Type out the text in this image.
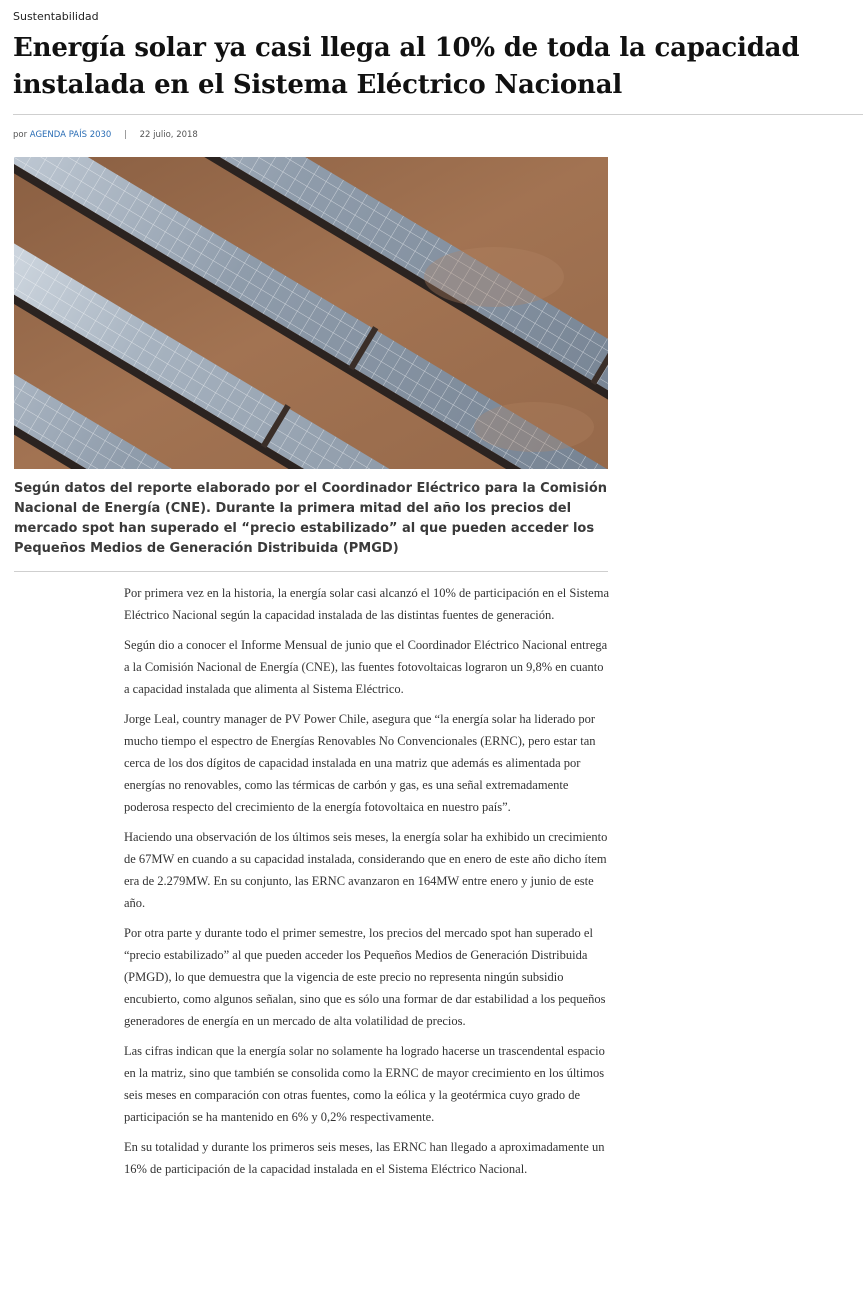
Sustentabilidad
Energía solar ya casi llega al 10% de toda la capacidad instalada en el Sistema Eléctrico Nacional
por AGENDA PAÍS 2030 | 22 julio, 2018

Según datos del reporte elaborado por el Coordinador Eléctrico para la Comisión Nacional de Energía (CNE). Durante la primera mitad del año los precios del mercado spot han superado el “precio estabilizado” al que pueden acceder los Pequeños Medios de Generación Distribuida (PMGD)

Por primera vez en la historia, la energía solar casi alcanzó el 10% de participación en el Sistema Eléctrico Nacional según la capacidad instalada de las distintas fuentes de generación.

Según dio a conocer el Informe Mensual de junio que el Coordinador Eléctrico Nacional entrega a la Comisión Nacional de Energía (CNE), las fuentes fotovoltaicas lograron un 9,8% en cuanto a capacidad instalada que alimenta al Sistema Eléctrico.

Jorge Leal, country manager de PV Power Chile, asegura que “la energía solar ha liderado por mucho tiempo el espectro de Energías Renovables No Convencionales (ERNC), pero estar tan cerca de los dos dígitos de capacidad instalada en una matriz que además es alimentada por energías no renovables, como las térmicas de carbón y gas, es una señal extremadamente poderosa respecto del crecimiento de la energía fotovoltaica en nuestro país”.

Haciendo una observación de los últimos seis meses, la energía solar ha exhibido un crecimiento de 67MW en cuando a su capacidad instalada, considerando que en enero de este año dicho ítem era de 2.279MW. En su conjunto, las ERNC avanzaron en 164MW entre enero y junio de este año.

Por otra parte y durante todo el primer semestre, los precios del mercado spot han superado el “precio estabilizado” al que pueden acceder los Pequeños Medios de Generación Distribuida (PMGD), lo que demuestra que la vigencia de este precio no representa ningún subsidio encubierto, como algunos señalan, sino que es sólo una formar de dar estabilidad a los pequeños generadores de energía en un mercado de alta volatilidad de precios.

Las cifras indican que la energía solar no solamente ha logrado hacerse un trascendental espacio en la matriz, sino que también se consolida como la ERNC de mayor crecimiento en los últimos seis meses en comparación con otras fuentes, como la eólica y la geotérmica cuyo grado de participación se ha mantenido en 6% y 0,2% respectivamente.

En su totalidad y durante los primeros seis meses, las ERNC han llegado a aproximadamente un 16% de participación de la capacidad instalada en el Sistema Eléctrico Nacional.
